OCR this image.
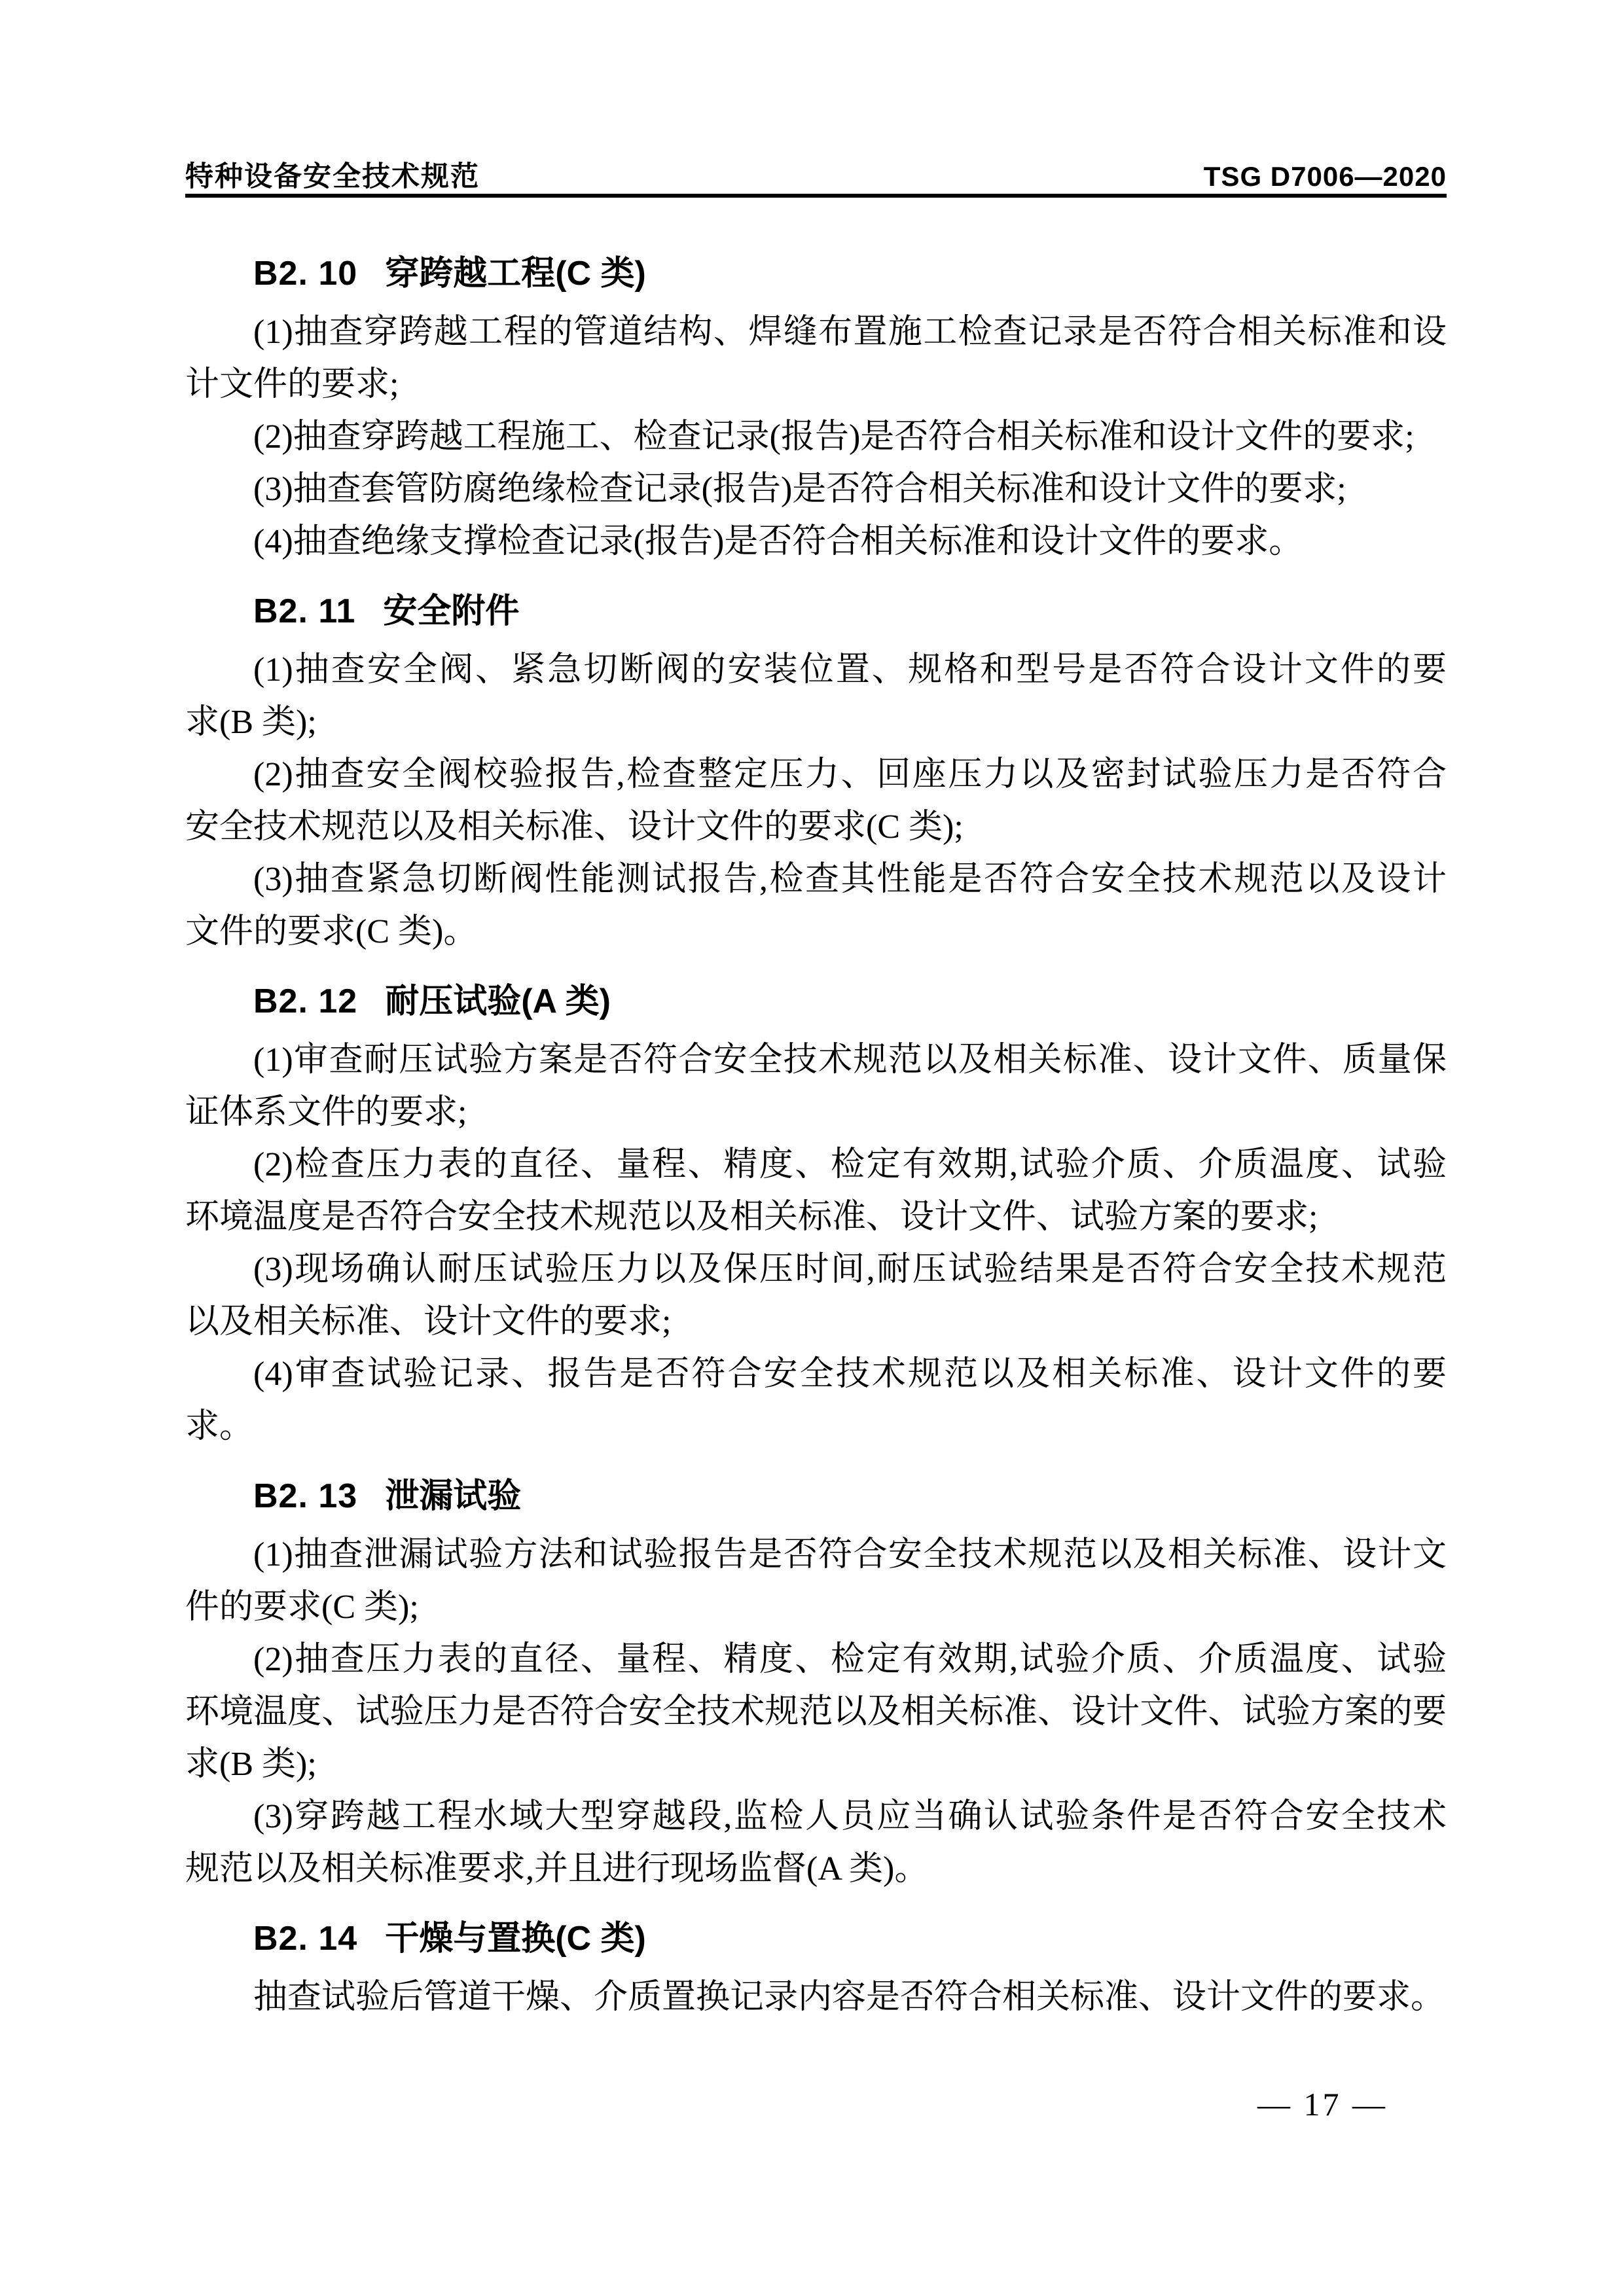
特种设备安全技术规范	TSG D7006—2020
B2. 10 穿跨越工程(C 类)
(1)抽查穿跨越工程的管道结构、焊缝布置施工检查记录是否符合相关标准和设
计文件的要求;
(2)抽查穿跨越工程施工、检查记录(报告)是否符合相关标准和设计文件的要求;
(3)抽查套管防腐绝缘检查记录(报告)是否符合相关标准和设计文件的要求;
(4)抽查绝缘支撑检查记录(报告)是否符合相关标准和设计文件的要求。
B2. 11 安全附件
(1)抽查安全阀、紧急切断阀的安装位置、规格和型号是否符合设计文件的要
求(B 类);
(2)抽查安全阀校验报告,检查整定压力、回座压力以及密封试验压力是否符合
安全技术规范以及相关标准、设计文件的要求(C 类);
(3)抽查紧急切断阀性能测试报告,检查其性能是否符合安全技术规范以及设计
文件的要求(C 类)。
B2. 12 耐压试验(A 类)
(1)审查耐压试验方案是否符合安全技术规范以及相关标准、设计文件、质量保
证体系文件的要求;
(2)检查压力表的直径、量程、精度、检定有效期,试验介质、介质温度、试验
环境温度是否符合安全技术规范以及相关标准、设计文件、试验方案的要求;
(3)现场确认耐压试验压力以及保压时间,耐压试验结果是否符合安全技术规范
以及相关标准、设计文件的要求;
(4)审查试验记录、报告是否符合安全技术规范以及相关标准、设计文件的要求。
B2. 13 泄漏试验
(1)抽查泄漏试验方法和试验报告是否符合安全技术规范以及相关标准、设计文
件的要求(C 类);
(2)抽查压力表的直径、量程、精度、检定有效期,试验介质、介质温度、试验
环境温度、试验压力是否符合安全技术规范以及相关标准、设计文件、试验方案的要
求(B 类);
(3)穿跨越工程水域大型穿越段,监检人员应当确认试验条件是否符合安全技术
规范以及相关标准要求,并且进行现场监督(A 类)。
B2. 14 干燥与置换(C 类)
抽查试验后管道干燥、介质置换记录内容是否符合相关标准、设计文件的要求。
— 17 —
